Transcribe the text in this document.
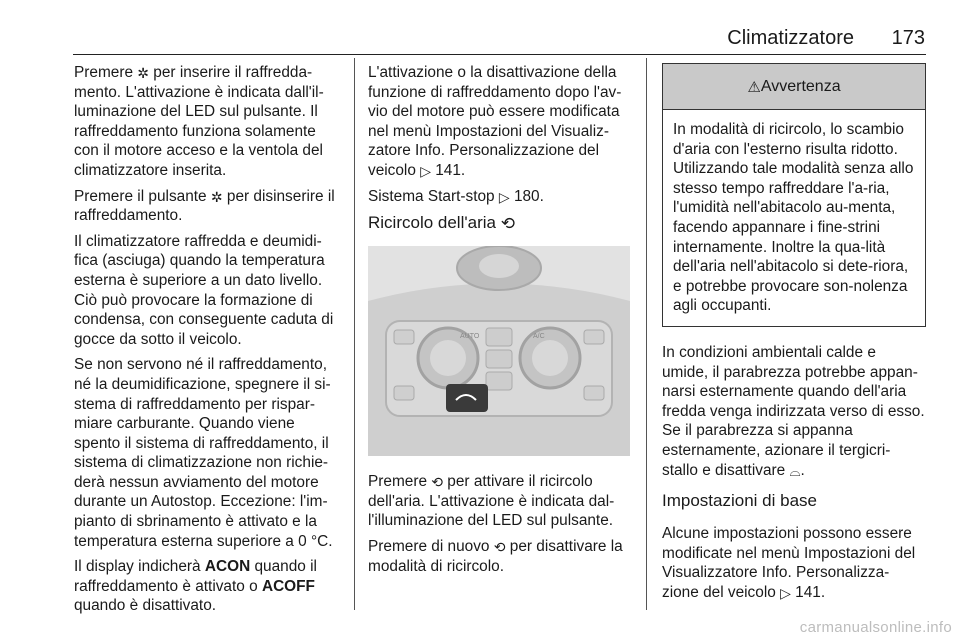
Climatizzatore	173

Premere ✲ per inserire il raffredda-mento. L'attivazione è indicata dall'il-luminazione del LED sul pulsante. Il raffreddamento funziona solamente con il motore acceso e la ventola del climatizzatore inserita.

Premere il pulsante ✲ per disinserire il raffreddamento.

Il climatizzatore raffredda e deumidi-fica (asciuga) quando la temperatura esterna è superiore a un dato livello. Ciò può provocare la formazione di condensa, con conseguente caduta di gocce da sotto il veicolo.

Se non servono né il raffreddamento, né la deumidificazione, spegnere il si-stema di raffreddamento per rispar-miare carburante. Quando viene spento il sistema di raffreddamento, il sistema di climatizzazione non richie-derà nessun avviamento del motore durante un Autostop. Eccezione: l'im-pianto di sbrinamento è attivato e la temperatura esterna superiore a 0 °C.

Il display indicherà ACON quando il raffreddamento è attivato o ACOFF quando è disattivato.

L'attivazione o la disattivazione della funzione di raffreddamento dopo l'av-vio del motore può essere modificata nel menù Impostazioni del Visualiz-zatore Info. Personalizzazione del veicolo ▷ 141.

Sistema Start-stop ▷ 180.

Ricircolo dell'aria ⟲
AUTO	A/C

Premere ⟲ per attivare il ricircolo dell'aria. L'attivazione è indicata dal-l'illuminazione del LED sul pulsante.

Premere di nuovo ⟲ per disattivare la modalità di ricircolo.

⚠Avvertenza
In modalità di ricircolo, lo scambio d'aria con l'esterno risulta ridotto. Utilizzando tale modalità senza allo stesso tempo raffreddare l'a-ria, l'umidità nell'abitacolo au-menta, facendo appannare i fine-strini internamente. Inoltre la qua-lità dell'aria nell'abitacolo si dete-riora, e potrebbe provocare son-nolenza agli occupanti.

In condizioni ambientali calde e umide, il parabrezza potrebbe appan-narsi esternamente quando dell'aria fredda venga indirizzata verso di esso. Se il parabrezza si appanna esternamente, azionare il tergicri-stallo e disattivare ⌓.

Impostazioni di base

Alcune impostazioni possono essere modificate nel menù Impostazioni del Visualizzatore Info. Personalizza-zione del veicolo ▷ 141.

carmanualsonline.info
